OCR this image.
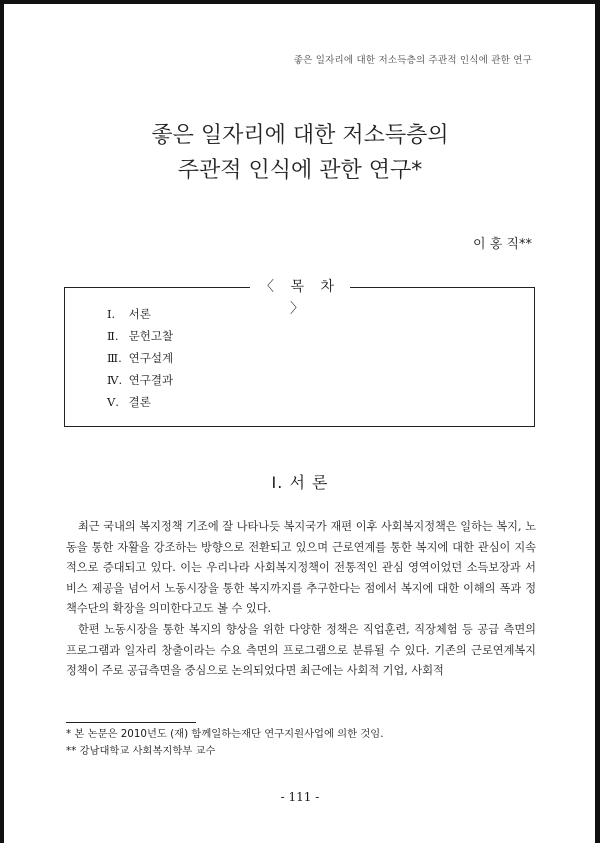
좋은 일자리에 대한 저소득층의 주관적 인식에 관한 연구
좋은 일자리에 대한 저소득층의
주관적 인식에 관한 연구*
이 홍 직**
〈 목 차 〉
Ⅰ. 서론
Ⅱ. 문헌고찰
Ⅲ. 연구설계
Ⅳ. 연구결과
Ⅴ. 결론
Ⅰ. 서 론

최근 국내의 복지정책 기조에 잘 나타나듯 복지국가 재편 이후 사회복지정책은 일하는 복지, 노동을 통한 자활을 강조하는 방향으로 전환되고 있으며 근로연계를 통한 복지에 대한 관심이 지속적으로 증대되고 있다. 이는 우리나라 사회복지정책이 전통적인 관심 영역이었던 소득보장과 서비스 제공을 넘어서 노동시장을 통한 복지까지를 추구한다는 점에서 복지에 대한 이해의 폭과 정책수단의 확장을 의미한다고도 볼 수 있다.

한편 노동시장을 통한 복지의 향상을 위한 다양한 정책은 직업훈련, 직장체험 등 공급 측면의 프로그램과 일자리 창출이라는 수요 측면의 프로그램으로 분류될 수 있다. 기존의 근로연계복지정책이 주로 공급측면을 중심으로 논의되었다면 최근에는 사회적 기업, 사회적

* 본 논문은 2010년도 (재) 함께일하는재단 연구지원사업에 의한 것임.
** 강남대학교 사회복지학부 교수
- 111 -
